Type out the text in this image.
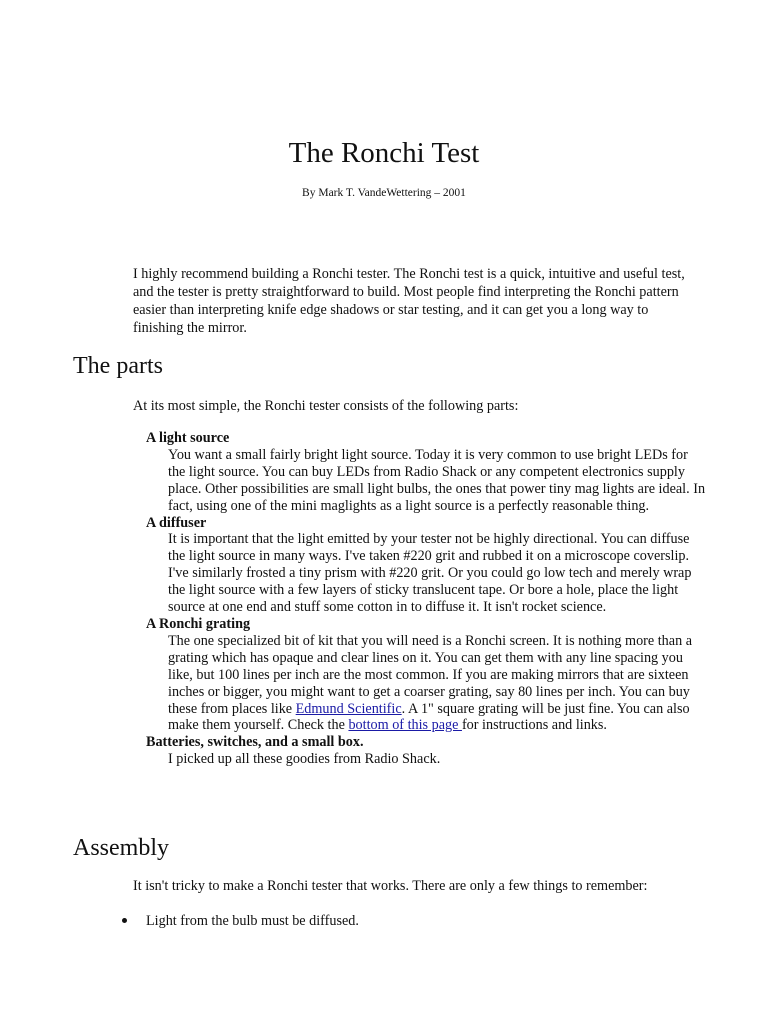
The Ronchi Test
By Mark T. VandeWettering – 2001

I highly recommend building a Ronchi tester. The Ronchi test is a quick, intuitive and useful test, and the tester is pretty straightforward to build. Most people find interpreting the Ronchi pattern easier than interpreting knife edge shadows or star testing, and it can get you a long way to finishing the mirror.

The parts

At its most simple, the Ronchi tester consists of the following parts:

A light source
You want a small fairly bright light source. Today it is very common to use bright LEDs for the light source. You can buy LEDs from Radio Shack or any competent electronics supply place. Other possibilities are small light bulbs, the ones that power tiny mag lights are ideal. In fact, using one of the mini maglights as a light source is a perfectly reasonable thing.
A diffuser
It is important that the light emitted by your tester not be highly directional. You can diffuse the light source in many ways. I've taken #220 grit and rubbed it on a microscope coverslip. I've similarly frosted a tiny prism with #220 grit. Or you could go low tech and merely wrap the light source with a few layers of sticky translucent tape. Or bore a hole, place the light source at one end and stuff some cotton in to diffuse it. It isn't rocket science.
A Ronchi grating
The one specialized bit of kit that you will need is a Ronchi screen. It is nothing more than a grating which has opaque and clear lines on it. You can get them with any line spacing you like, but 100 lines per inch are the most common. If you are making mirrors that are sixteen inches or bigger, you might want to get a coarser grating, say 80 lines per inch. You can buy these from places like Edmund Scientific. A 1" square grating will be just fine. You can also make them yourself. Check the bottom of this page for instructions and links.
Batteries, switches, and a small box.
I picked up all these goodies from Radio Shack.
Assembly

It isn't tricky to make a Ronchi tester that works. There are only a few things to remember:

Light from the bulb must be diffused.
